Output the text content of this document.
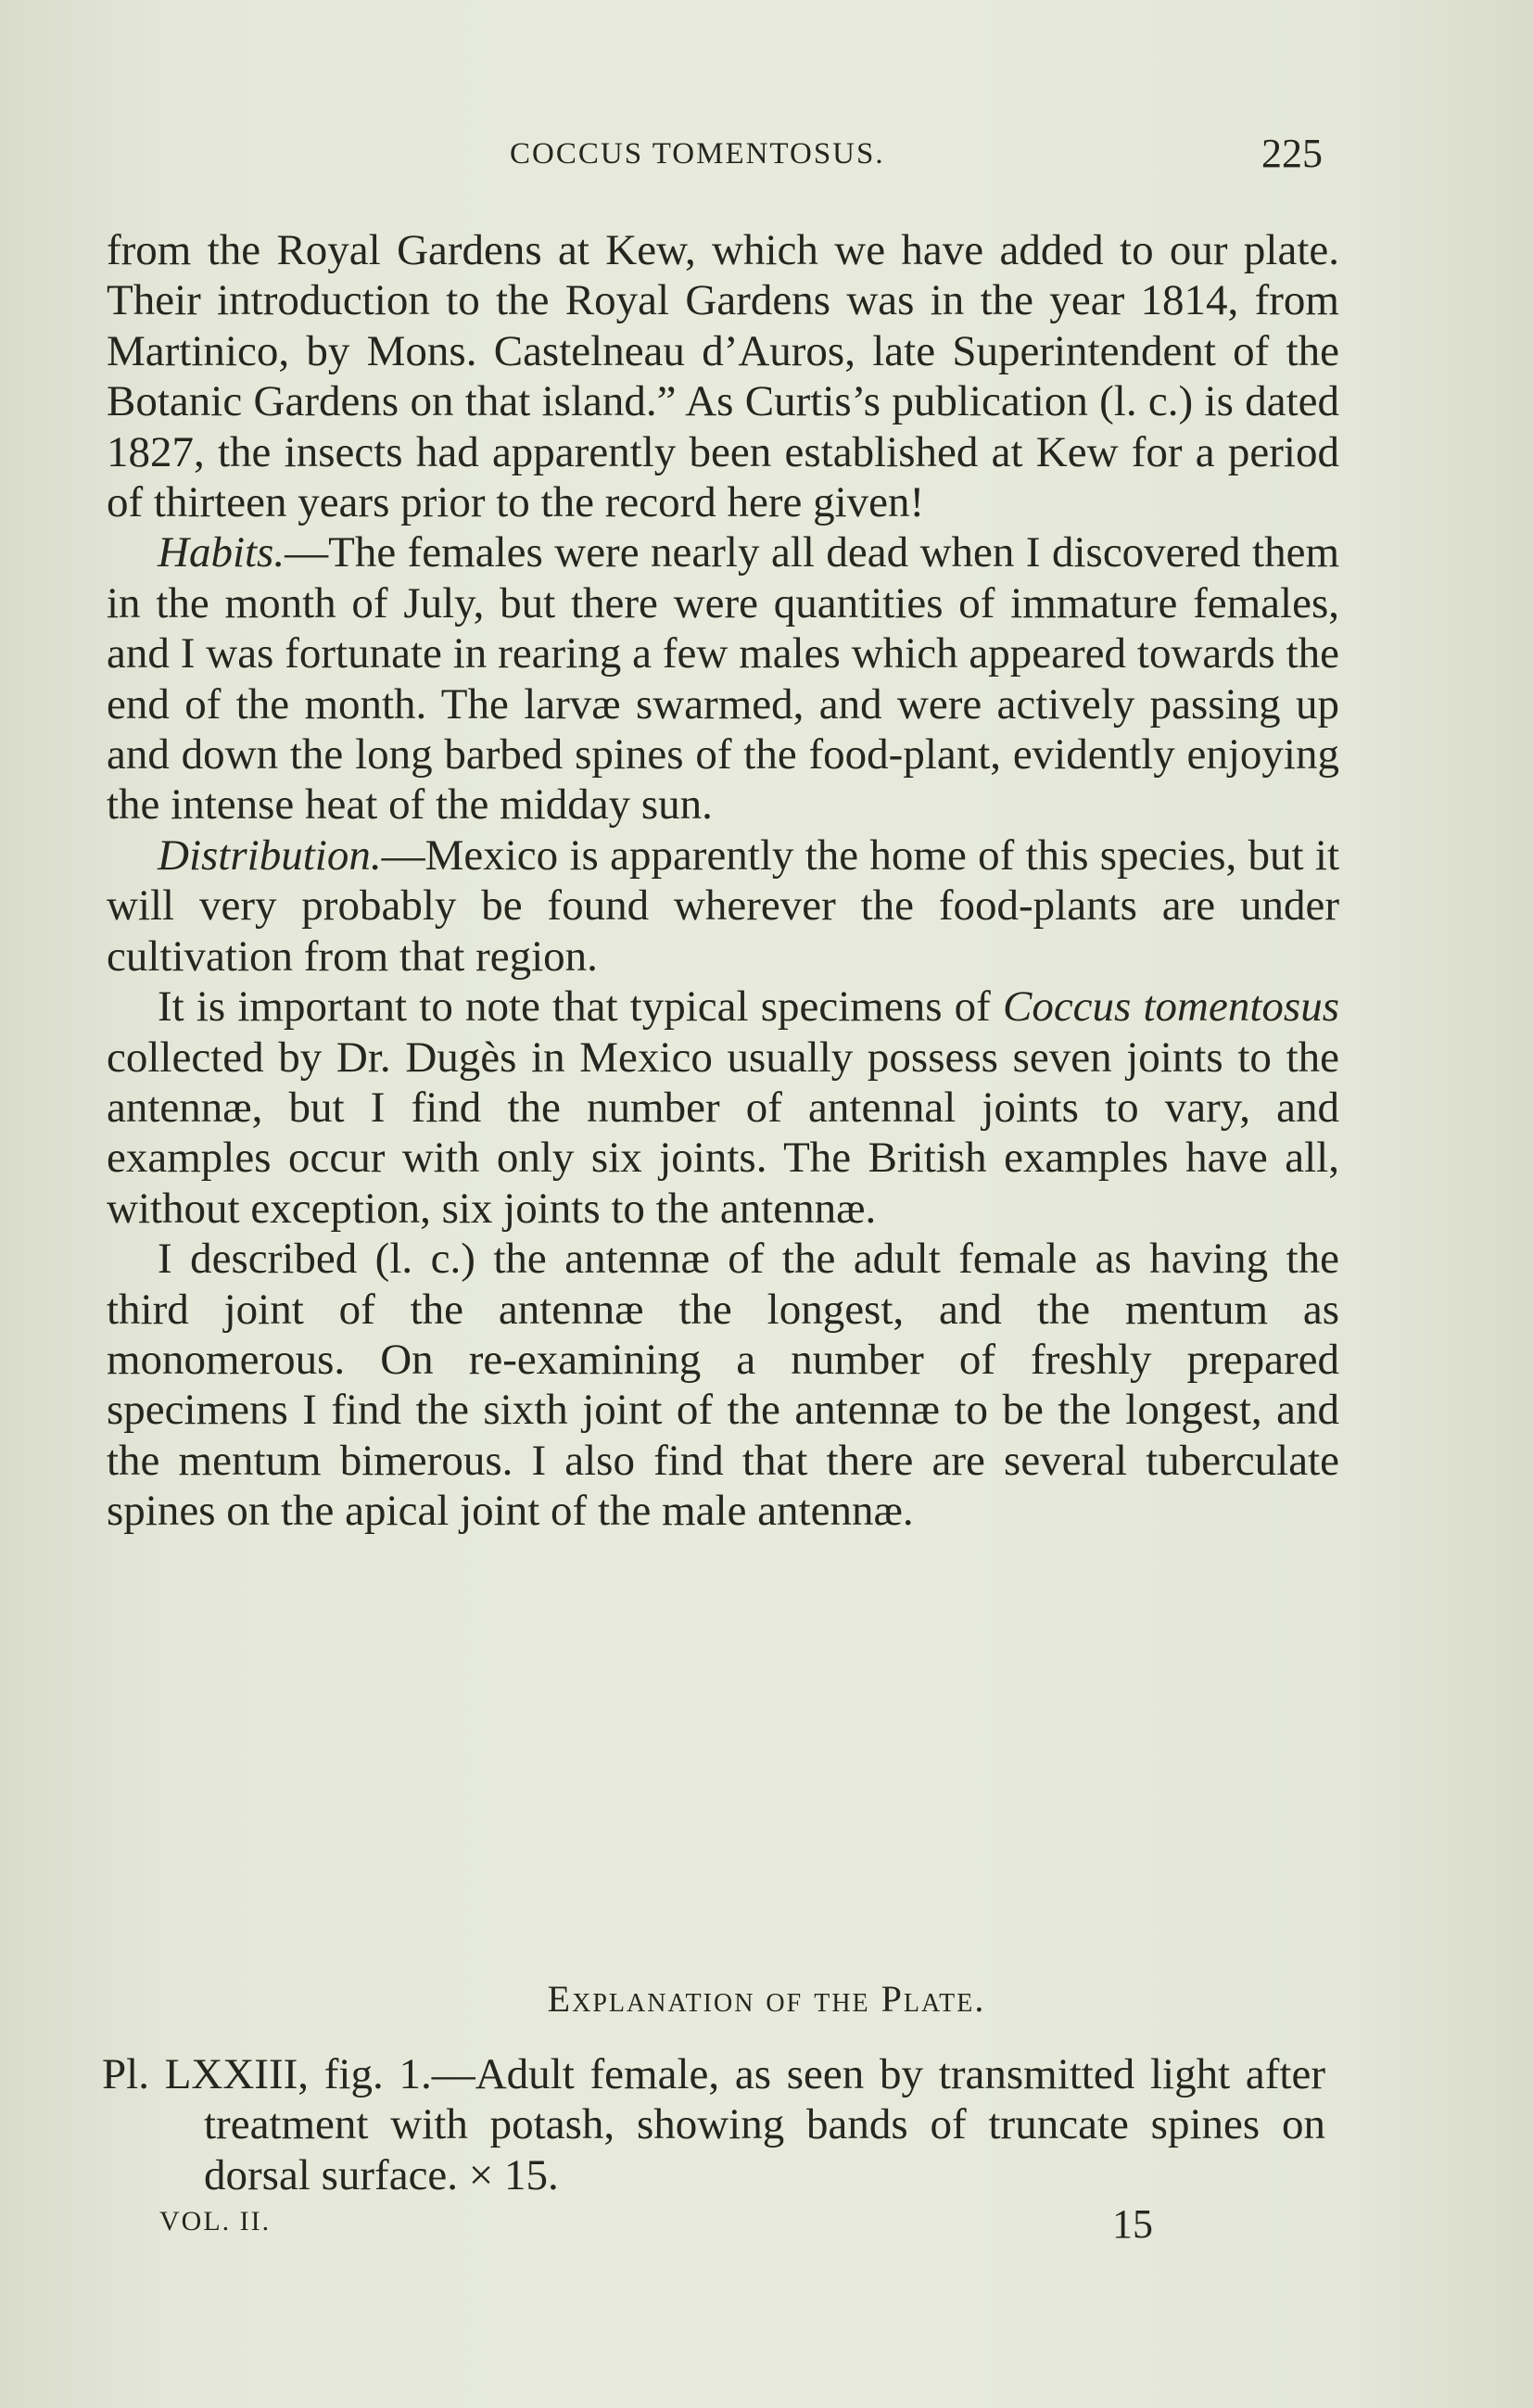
COCCUS TOMENTOSUS.	225

from the Royal Gardens at Kew, which we have added to our plate. Their introduction to the Royal Gardens was in the year 1814, from Martinico, by Mons. Castelneau d’Auros, late Superintendent of the Botanic Gardens on that island.” As Curtis’s publication (l. c.) is dated 1827, the insects had apparently been established at Kew for a period of thirteen years prior to the record here given!

Habits.—The females were nearly all dead when I discovered them in the month of July, but there were quantities of immature females, and I was fortunate in rearing a few males which appeared towards the end of the month. The larvæ swarmed, and were actively passing up and down the long barbed spines of the food-plant, evidently enjoying the intense heat of the midday sun.

Distribution.—Mexico is apparently the home of this species, but it will very probably be found wherever the food-plants are under cultivation from that region.

It is important to note that typical specimens of Coccus tomentosus collected by Dr. Dugès in Mexico usually possess seven joints to the antennæ, but I find the number of antennal joints to vary, and examples occur with only six joints. The British examples have all, without exception, six joints to the antennæ.

I described (l. c.) the antennæ of the adult female as having the third joint of the antennæ the longest, and the mentum as monomerous. On re-examining a number of freshly prepared specimens I find the sixth joint of the antennæ to be the longest, and the mentum bimerous. I also find that there are several tuberculate spines on the apical joint of the male antennæ.

Explanation of the Plate.
Pl. LXXIII, fig. 1.—Adult female, as seen by transmitted light after treatment with potash, showing bands of truncate spines on dorsal surface. × 15.
VOL. II.	15
